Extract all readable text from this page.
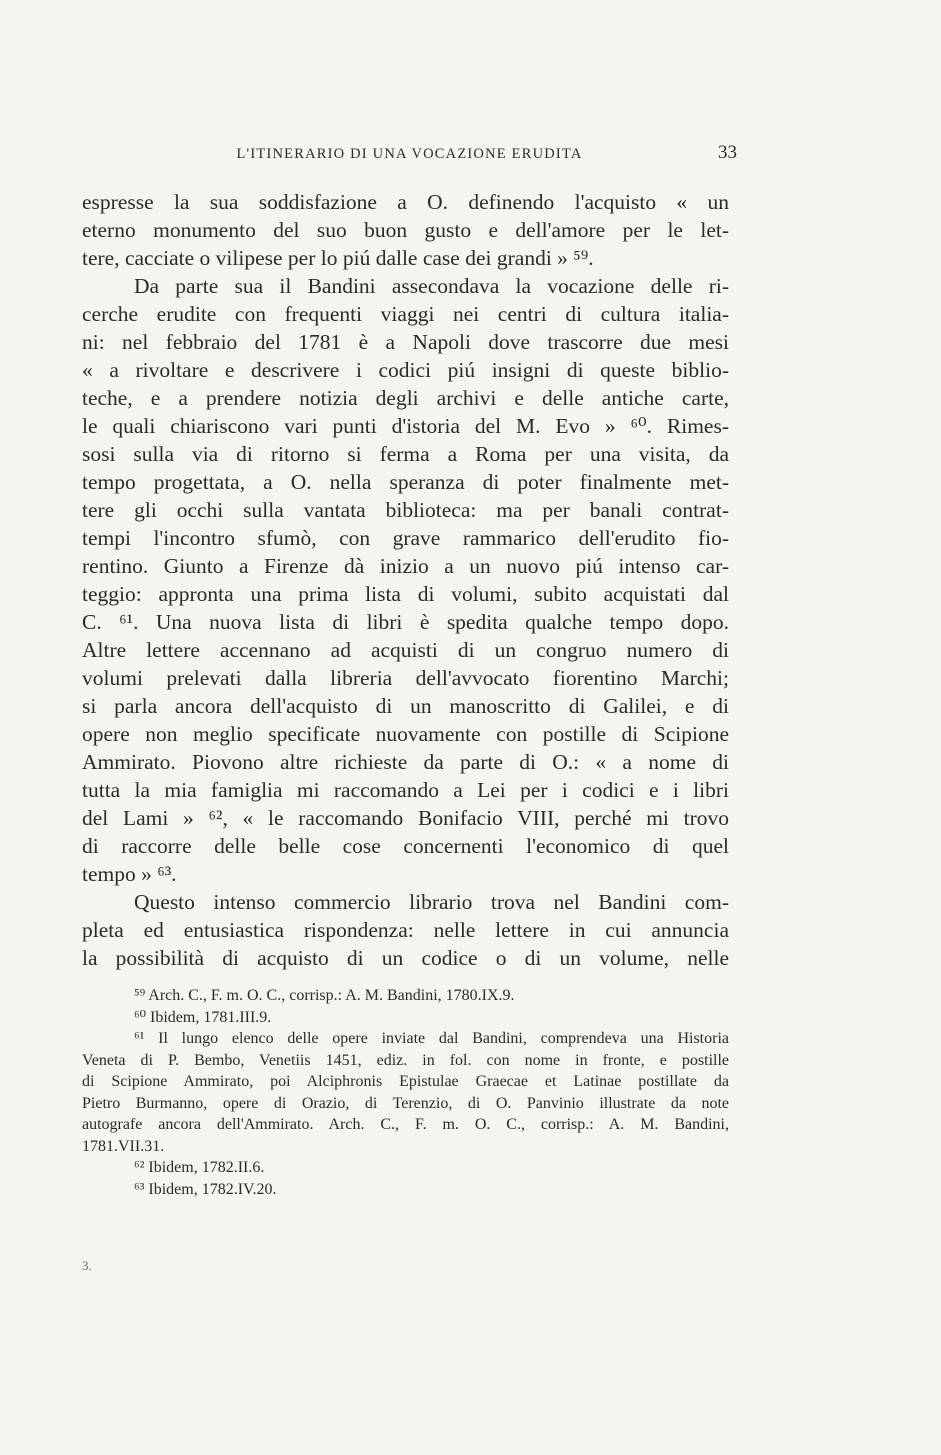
L'ITINERARIO DI UNA VOCAZIONE ERUDITA	33
espresse la sua soddisfazione a O. definendo l'acquisto « un
eterno monumento del suo buon gusto e dell'amore per le let-
tere, cacciate o vilipese per lo piú dalle case dei grandi » ⁵⁹.
Da parte sua il Bandini assecondava la vocazione delle ri-
cerche erudite con frequenti viaggi nei centri di cultura italia-
ni: nel febbraio del 1781 è a Napoli dove trascorre due mesi
« a rivoltare e descrivere i codici piú insigni di queste biblio-
teche, e a prendere notizia degli archivi e delle antiche carte,
le quali chiariscono vari punti d'istoria del M. Evo » ⁶⁰. Rimes-
sosi sulla via di ritorno si ferma a Roma per una visita, da
tempo progettata, a O. nella speranza di poter finalmente met-
tere gli occhi sulla vantata biblioteca: ma per banali contrat-
tempi l'incontro sfumò, con grave rammarico dell'erudito fio-
rentino. Giunto a Firenze dà inizio a un nuovo piú intenso car-
teggio: appronta una prima lista di volumi, subito acquistati dal
C. ⁶¹. Una nuova lista di libri è spedita qualche tempo dopo.
Altre lettere accennano ad acquisti di un congruo numero di
volumi prelevati dalla libreria dell'avvocato fiorentino Marchi;
si parla ancora dell'acquisto di un manoscritto di Galilei, e di
opere non meglio specificate nuovamente con postille di Scipione
Ammirato. Piovono altre richieste da parte di O.: « a nome di
tutta la mia famiglia mi raccomando a Lei per i codici e i libri
del Lami » ⁶², « le raccomando Bonifacio VIII, perché mi trovo
di raccorre delle belle cose concernenti l'economico di quel
tempo » ⁶³.
Questo intenso commercio librario trova nel Bandini com-
pleta ed entusiastica rispondenza: nelle lettere in cui annuncia
la possibilità di acquisto di un codice o di un volume, nelle
⁵⁹ Arch. C., F. m. O. C., corrisp.: A. M. Bandini, 1780.IX.9.
⁶⁰ Ibidem, 1781.III.9.
⁶¹ Il lungo elenco delle opere inviate dal Bandini, comprendeva una Historia
Veneta di P. Bembo, Venetiis 1451, ediz. in fol. con nome in fronte, e postille
di Scipione Ammirato, poi Alciphronis Epistulae Graecae et Latinae postillate da
Pietro Burmanno, opere di Orazio, di Terenzio, di O. Panvinio illustrate da note
autografe ancora dell'Ammirato. Arch. C., F. m. O. C., corrisp.: A. M. Bandini,
1781.VII.31.
⁶² Ibidem, 1782.II.6.
⁶³ Ibidem, 1782.IV.20.
3.
